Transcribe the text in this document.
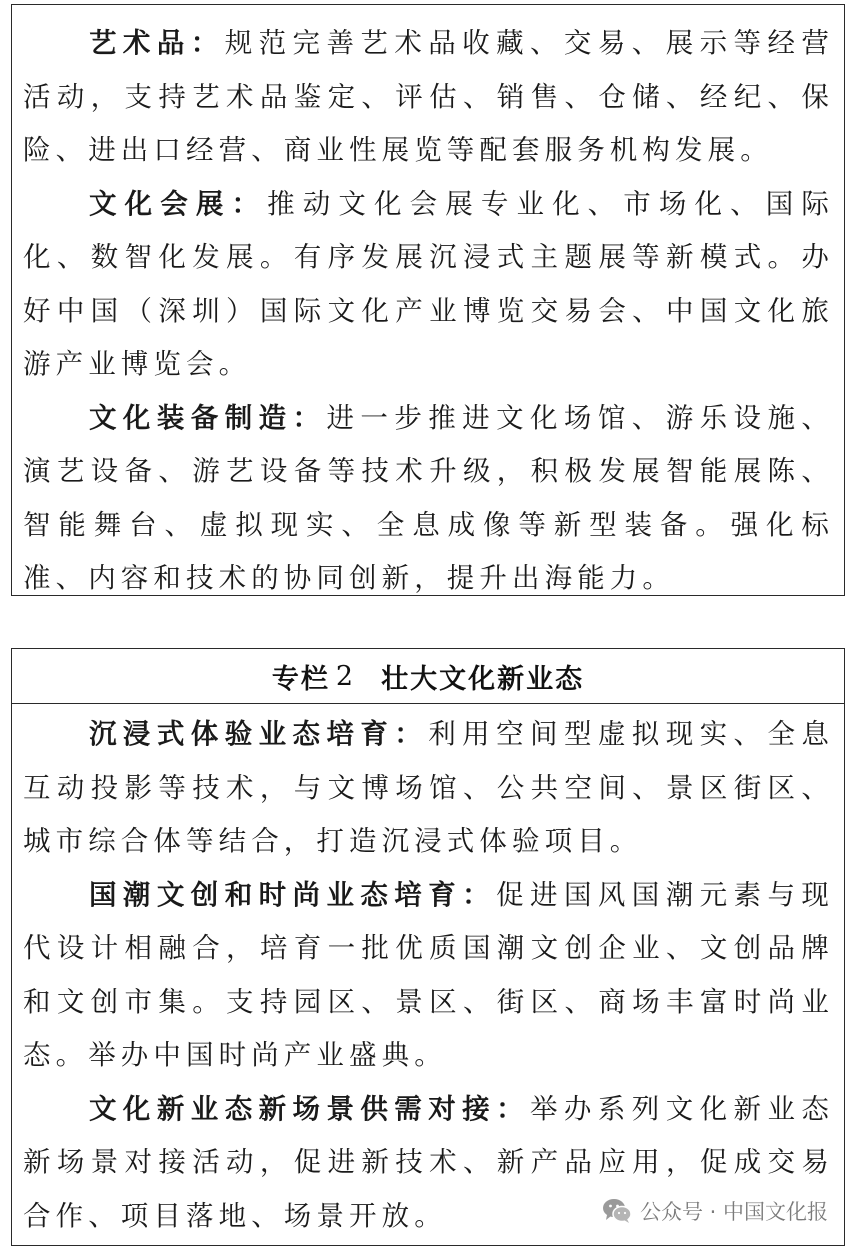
艺术品：规范完善艺术品收藏、交易、展示等经营活动，支持艺术品鉴定、评估、销售、仓储、经纪、保险、进出口经营、商业性展览等配套服务机构发展。

文化会展：推动文化会展专业化、市场化、国际化、数智化发展。有序发展沉浸式主题展等新模式。办好中国（深圳）国际文化产业博览交易会、中国文化旅游产业博览会。

文化装备制造：进一步推进文化场馆、游乐设施、演艺设备、游艺设备等技术升级，积极发展智能展陈、智能舞台、虚拟现实、全息成像等新型装备。强化标准、内容和技术的协同创新，提升出海能力。

专栏 2 壮大文化新业态

沉浸式体验业态培育：利用空间型虚拟现实、全息互动投影等技术，与文博场馆、公共空间、景区街区、城市综合体等结合，打造沉浸式体验项目。

国潮文创和时尚业态培育：促进国风国潮元素与现代设计相融合，培育一批优质国潮文创企业、文创品牌和文创市集。支持园区、景区、街区、商场丰富时尚业态。举办中国时尚产业盛典。

文化新业态新场景供需对接：举办系列文化新业态新场景对接活动，促进新技术、新产品应用，促成交易合作、项目落地、场景开放。	公众号 · 中国文化报
